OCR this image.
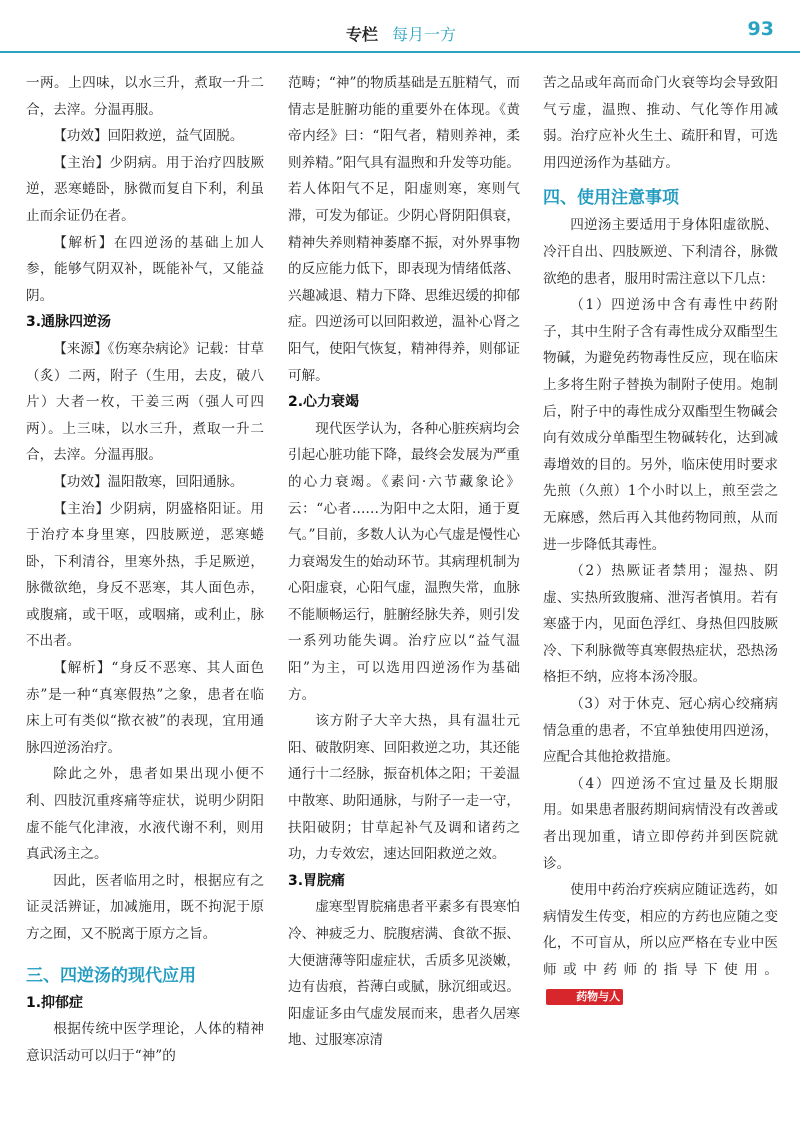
专栏 每月一方	93

一两。上四味，以水三升，煮取一升二合，去滓。分温再服。

【功效】回阳救逆，益气固脱。

【主治】少阴病。用于治疗四肢厥逆，恶寒蜷卧，脉微而复自下利，利虽止而余证仍在者。

【解析】在四逆汤的基础上加人参，能够气阴双补，既能补气，又能益阴。

3.通脉四逆汤

【来源】《伤寒杂病论》记载：甘草（炙）二两，附子（生用，去皮，破八片）大者一枚，干姜三两（强人可四两）。上三味，以水三升，煮取一升二合，去滓。分温再服。

【功效】温阳散寒，回阳通脉。

【主治】少阴病，阴盛格阳证。用于治疗本身里寒，四肢厥逆，恶寒蜷卧，下利清谷，里寒外热，手足厥逆，脉微欲绝，身反不恶寒，其人面色赤，或腹痛，或干呕，或咽痛，或利止，脉不出者。

【解析】“身反不恶寒、其人面色赤”是一种“真寒假热”之象，患者在临床上可有类似“揿衣被”的表现，宜用通脉四逆汤治疗。

除此之外，患者如果出现小便不利、四肢沉重疼痛等症状，说明少阴阳虚不能气化津液，水液代谢不利，则用真武汤主之。

因此，医者临用之时，根据应有之证灵活辨证，加减施用，既不拘泥于原方之囿，又不脱离于原方之旨。

三、四逆汤的现代应用
1.抑郁症

根据传统中医学理论，人体的精神意识活动可以归于“神”的

范畴；“神”的物质基础是五脏精气，而情志是脏腑功能的重要外在体现。《黄帝内经》曰：“阳气者，精则养神，柔则养精。”阳气具有温煦和升发等功能。若人体阳气不足，阳虚则寒，寒则气滞，可发为郁证。少阴心肾阴阳俱衰，精神失养则精神萎靡不振，对外界事物的反应能力低下，即表现为情绪低落、兴趣减退、精力下降、思维迟缓的抑郁症。四逆汤可以回阳救逆，温补心肾之阳气，使阳气恢复，精神得养，则郁证可解。

2.心力衰竭

现代医学认为，各种心脏疾病均会引起心脏功能下降，最终会发展为严重的心力衰竭。《素问·六节藏象论》云：“心者……为阳中之太阳，通于夏气。”目前，多数人认为心气虚是慢性心力衰竭发生的始动环节。其病理机制为心阳虚衰，心阳气虚，温煦失常，血脉不能顺畅运行，脏腑经脉失养，则引发一系列功能失调。治疗应以“益气温阳”为主，可以选用四逆汤作为基础方。

该方附子大辛大热，具有温壮元阳、破散阴寒、回阳救逆之功，其还能通行十二经脉，振奋机体之阳；干姜温中散寒、助阳通脉，与附子一走一守，扶阳破阴；甘草起补气及调和诸药之功，力专效宏，速达回阳救逆之效。

3.胃脘痛

虚寒型胃脘痛患者平素多有畏寒怕冷、神疲乏力、脘腹痞满、食欲不振、大便溏薄等阳虚症状，舌质多见淡嫩，边有齿痕，苔薄白或腻，脉沉细或迟。阳虚证多由气虚发展而来，患者久居寒地、过服寒凉清

苦之品或年高而命门火衰等均会导致阳气亏虚，温煦、推动、气化等作用减弱。治疗应补火生土、疏肝和胃，可选用四逆汤作为基础方。

四、使用注意事项

四逆汤主要适用于身体阳虚欲脱、冷汗自出、四肢厥逆、下利清谷，脉微欲绝的患者，服用时需注意以下几点：

（1）四逆汤中含有毒性中药附子，其中生附子含有毒性成分双酯型生物碱，为避免药物毒性反应，现在临床上多将生附子替换为制附子使用。炮制后，附子中的毒性成分双酯型生物碱会向有效成分单酯型生物碱转化，达到减毒增效的目的。另外，临床使用时要求先煎（久煎）1个小时以上，煎至尝之无麻感，然后再入其他药物同煎，从而进一步降低其毒性。

（2）热厥证者禁用；湿热、阴虚、实热所致腹痛、泄泻者慎用。若有寒盛于内，见面色浮红、身热但四肢厥冷、下利脉微等真寒假热症状，恐热汤格拒不纳，应将本汤冷服。

（3）对于休克、冠心病心绞痛病情急重的患者，不宜单独使用四逆汤，应配合其他抢救措施。

（4）四逆汤不宜过量及长期服用。如果患者服药期间病情没有改善或者出现加重，请立即停药并到医院就诊。

使用中药治疗疾病应随证选药，如病情发生传变，相应的方药也应随之变化，不可盲从，所以应严格在专业中医师或中药师的指导下使用。药物与人
